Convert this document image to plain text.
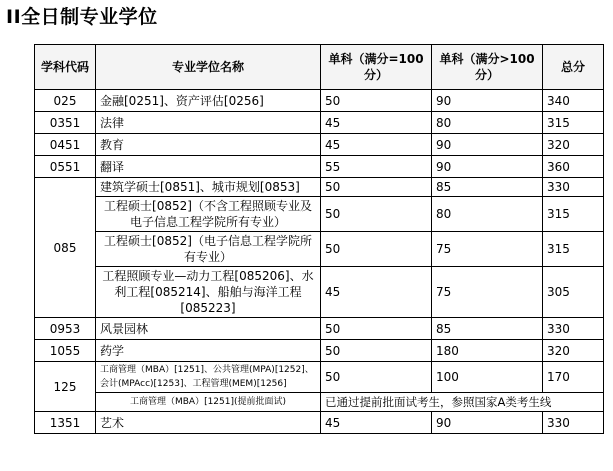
II全日制专业学位
学科代码	专业学位名称	单科（满分=100分）	单科（满分>100分）	总分
025	金融[0251]、资产评估[0256]	50	90	340
0351	法律	45	80	315
0451	教育	45	90	320
0551	翻译	55	90	360
085	建筑学硕士[0851]、城市规划[0853]	50	85	330
	工程硕士[0852]（不含工程照顾专业及电子信息工程学院所有专业）	50	80	315
	工程硕士[0852]（电子信息工程学院所有专业）	50	75	315
	工程照顾专业—动力工程[085206]、水利工程[085214]、船舶与海洋工程[085223]	45	75	305
0953	风景园林	50	85	330
1055	药学	50	180	320
125	工商管理（MBA）[1251]、公共管理(MPA)[1252]、会计(MPAcc)[1253]、工程管理(MEM)[1256]	50	100	170
	工商管理（MBA）[1251](提前批面试)	已通过提前批面试考生，参照国家A类考生线		
1351	艺术	45	90	330
